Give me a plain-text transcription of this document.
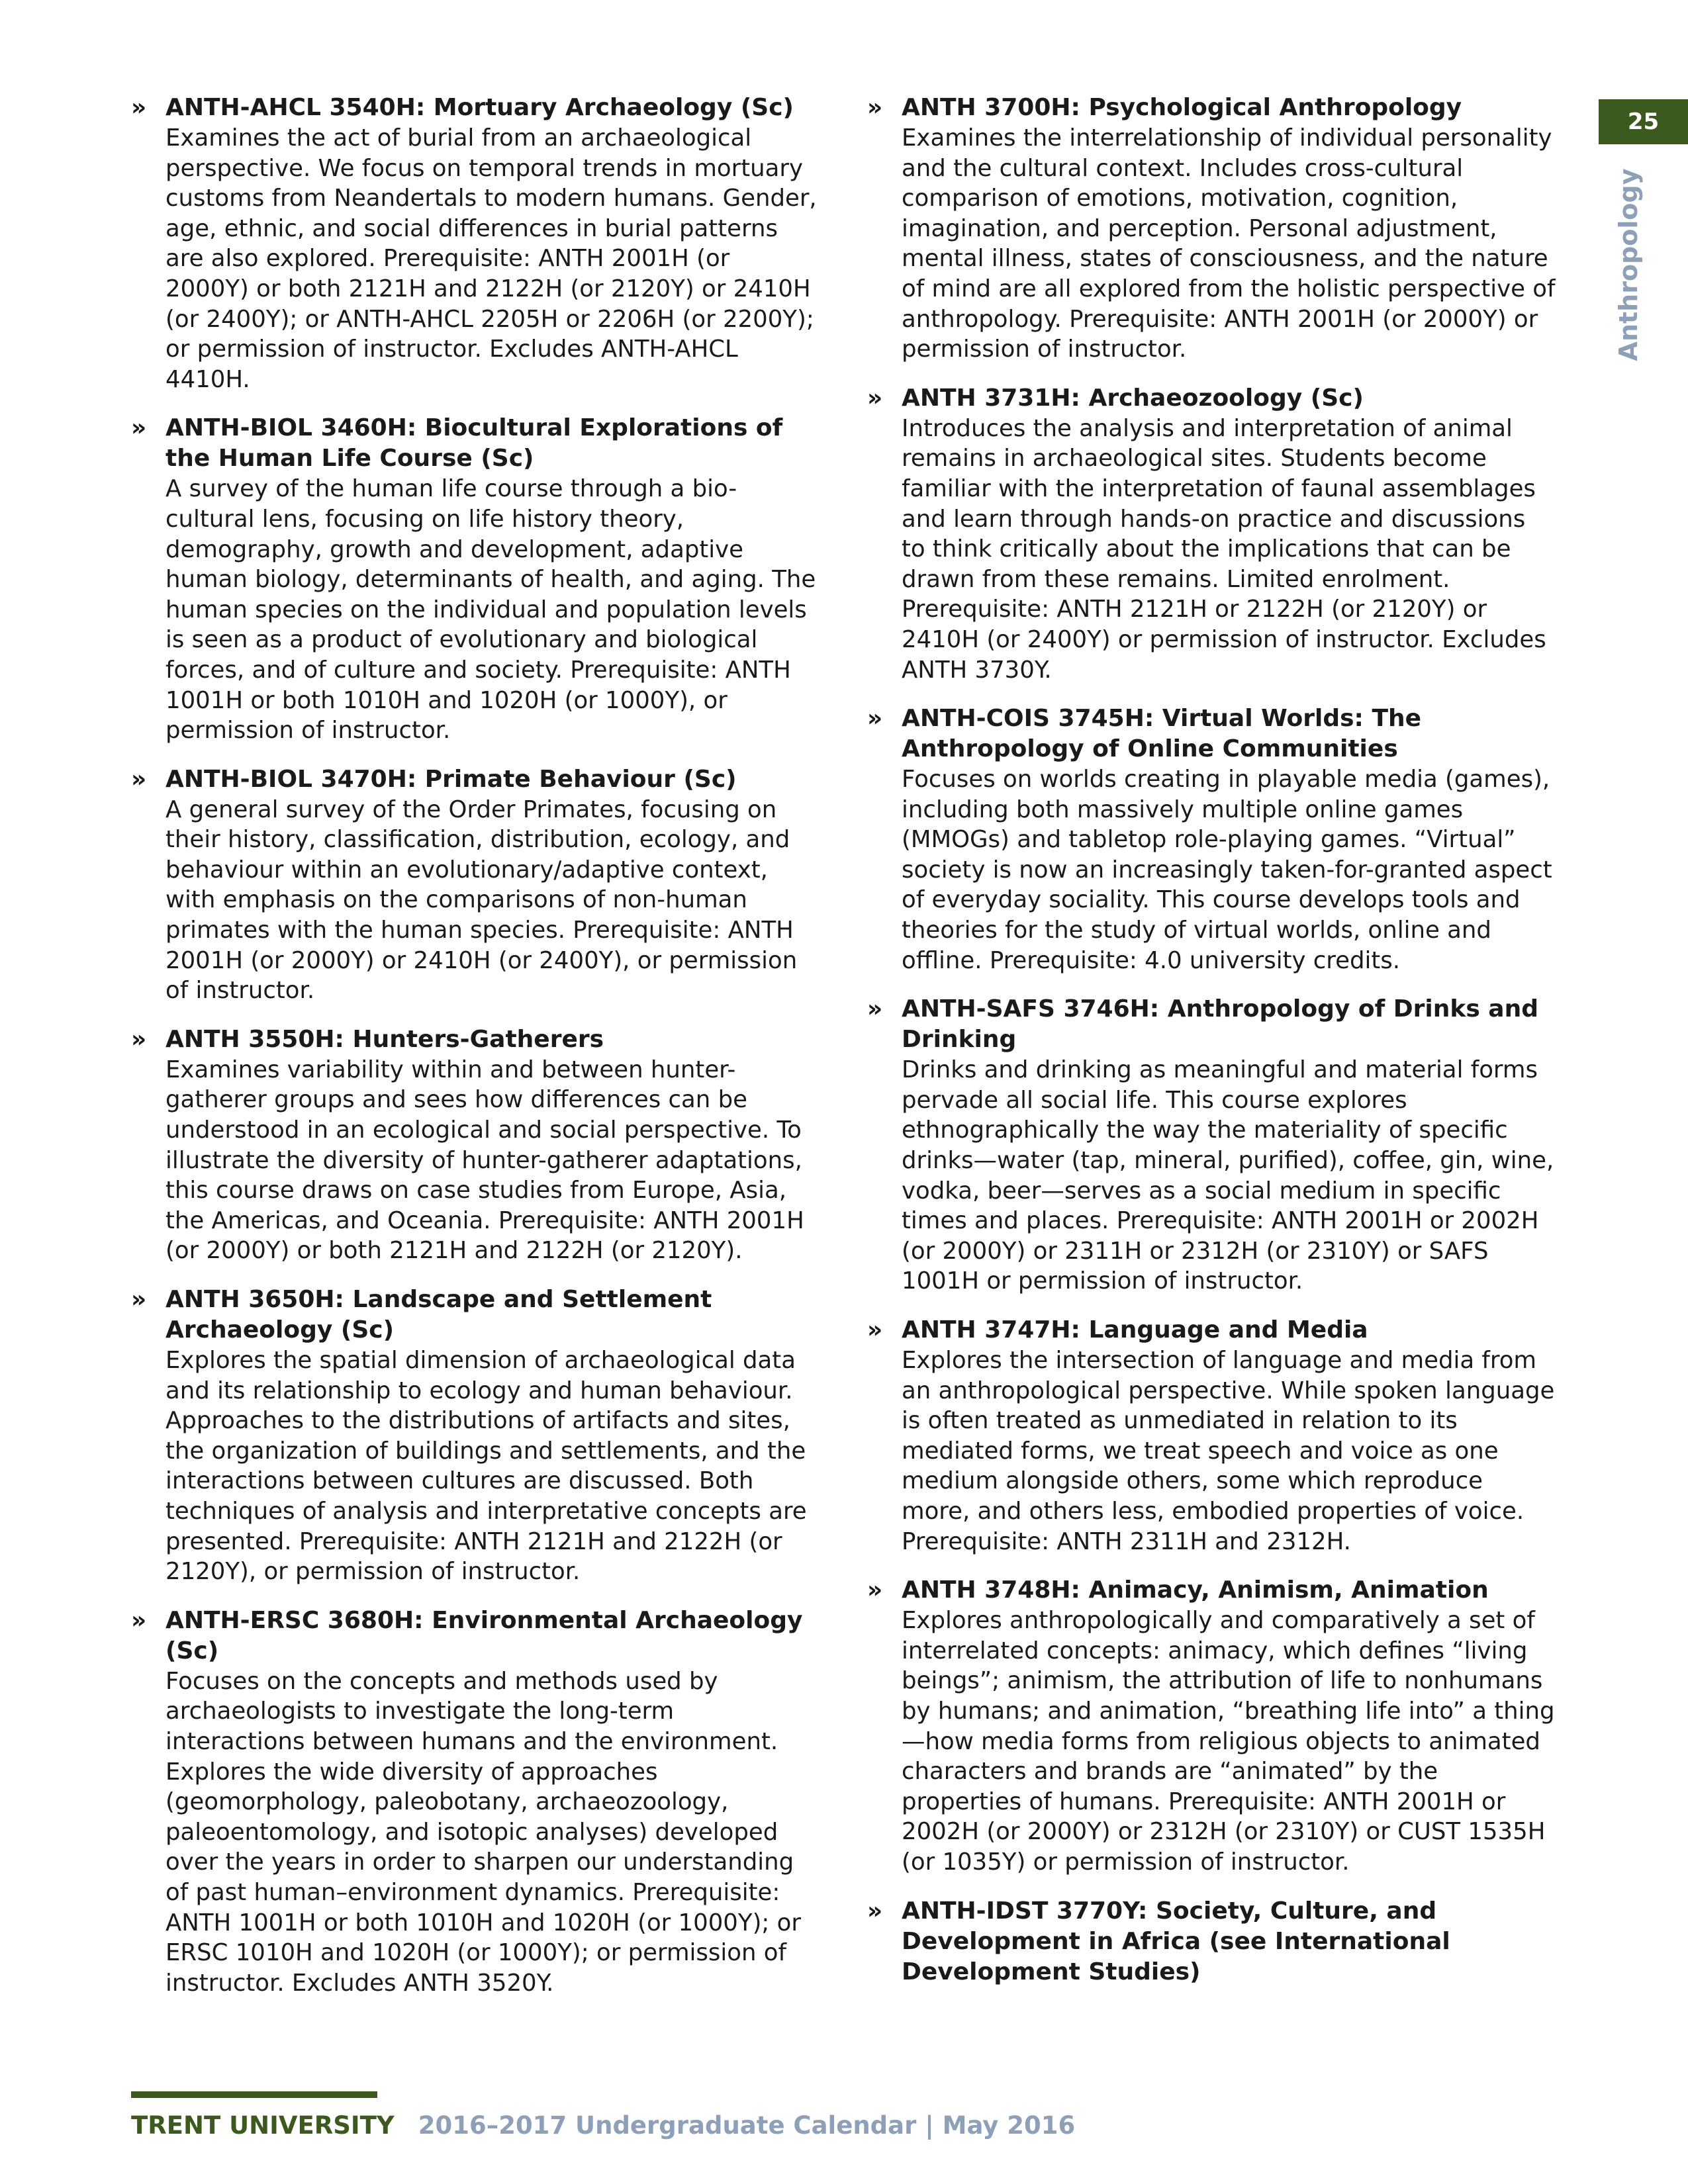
» ANTH-AHCL 3540H: Mortuary Archaeology (Sc)

Examines the act of burial from an archaeological perspective. We focus on temporal trends in mortuary customs from Neandertals to modern humans. Gender, age, ethnic, and social differences in burial patterns are also explored. Prerequisite: ANTH 2001H (or 2000Y) or both 2121H and 2122H (or 2120Y) or 2410H (or 2400Y); or ANTH-AHCL 2205H or 2206H (or 2200Y); or permission of instructor. Excludes ANTH-AHCL 4410H.

» ANTH-BIOL 3460H: Biocultural Explorations of the Human Life Course (Sc)

A survey of the human life course through a bio-cultural lens, focusing on life history theory, demography, growth and development, adaptive human biology, determinants of health, and aging. The human species on the individual and population levels is seen as a product of evolutionary and biological forces, and of culture and society. Prerequisite: ANTH 1001H or both 1010H and 1020H (or 1000Y), or permission of instructor.

» ANTH-BIOL 3470H: Primate Behaviour (Sc)

A general survey of the Order Primates, focusing on their history, classification, distribution, ecology, and behaviour within an evolutionary/adaptive context, with emphasis on the comparisons of non-human primates with the human species. Prerequisite: ANTH 2001H (or 2000Y) or 2410H (or 2400Y), or permission of instructor.

» ANTH 3550H: Hunters-Gatherers

Examines variability within and between hunter-gatherer groups and sees how differences can be understood in an ecological and social perspective. To illustrate the diversity of hunter-gatherer adaptations, this course draws on case studies from Europe, Asia, the Americas, and Oceania. Prerequisite: ANTH 2001H (or 2000Y) or both 2121H and 2122H (or 2120Y).

» ANTH 3650H: Landscape and Settlement Archaeology (Sc)

Explores the spatial dimension of archaeological data and its relationship to ecology and human behaviour. Approaches to the distributions of artifacts and sites, the organization of buildings and settlements, and the interactions between cultures are discussed. Both techniques of analysis and interpretative concepts are presented. Prerequisite: ANTH 2121H and 2122H (or 2120Y), or permission of instructor.

» ANTH-ERSC 3680H: Environmental Archaeology (Sc)

Focuses on the concepts and methods used by archaeologists to investigate the long-term interactions between humans and the environment. Explores the wide diversity of approaches (geomorphology, paleobotany, archaeozoology, paleoentomology, and isotopic analyses) developed over the years in order to sharpen our understanding of past human–environment dynamics. Prerequisite: ANTH 1001H or both 1010H and 1020H (or 1000Y); or ERSC 1010H and 1020H (or 1000Y); or permission of instructor. Excludes ANTH 3520Y.

» ANTH 3700H: Psychological Anthropology

Examines the interrelationship of individual personality and the cultural context. Includes cross-cultural comparison of emotions, motivation, cognition, imagination, and perception. Personal adjustment, mental illness, states of consciousness, and the nature of mind are all explored from the holistic perspective of anthropology. Prerequisite: ANTH 2001H (or 2000Y) or permission of instructor.

» ANTH 3731H: Archaeozoology (Sc)

Introduces the analysis and interpretation of animal remains in archaeological sites. Students become familiar with the interpretation of faunal assemblages and learn through hands-on practice and discussions to think critically about the implications that can be drawn from these remains. Limited enrolment. Prerequisite: ANTH 2121H or 2122H (or 2120Y) or 2410H (or 2400Y) or permission of instructor. Excludes ANTH 3730Y.

» ANTH-COIS 3745H: Virtual Worlds: The Anthropology of Online Communities

Focuses on worlds creating in playable media (games), including both massively multiple online games (MMOGs) and tabletop role-playing games. “Virtual” society is now an increasingly taken-for-granted aspect of everyday sociality. This course develops tools and theories for the study of virtual worlds, online and offline. Prerequisite: 4.0 university credits.

» ANTH-SAFS 3746H: Anthropology of Drinks and Drinking

Drinks and drinking as meaningful and material forms pervade all social life. This course explores ethnographically the way the materiality of specific drinks—water (tap, mineral, purified), coffee, gin, wine, vodka, beer—serves as a social medium in specific times and places. Prerequisite: ANTH 2001H or 2002H (or 2000Y) or 2311H or 2312H (or 2310Y) or SAFS 1001H or permission of instructor.

» ANTH 3747H: Language and Media

Explores the intersection of language and media from an anthropological perspective. While spoken language is often treated as unmediated in relation to its mediated forms, we treat speech and voice as one medium alongside others, some which reproduce more, and others less, embodied properties of voice. Prerequisite: ANTH 2311H and 2312H.

» ANTH 3748H: Animacy, Animism, Animation

Explores anthropologically and comparatively a set of interrelated concepts: animacy, which defines “living beings”; animism, the attribution of life to nonhumans by humans; and animation, “breathing life into” a thing—how media forms from religious objects to animated characters and brands are “animated” by the properties of humans. Prerequisite: ANTH 2001H or 2002H (or 2000Y) or 2312H (or 2310Y) or CUST 1535H (or 1035Y) or permission of instructor.

» ANTH-IDST 3770Y: Society, Culture, and Development in Africa (see International Development Studies)

25
Anthropology
TRENT UNIVERSITY 2016–2017 Undergraduate Calendar | May 2016
